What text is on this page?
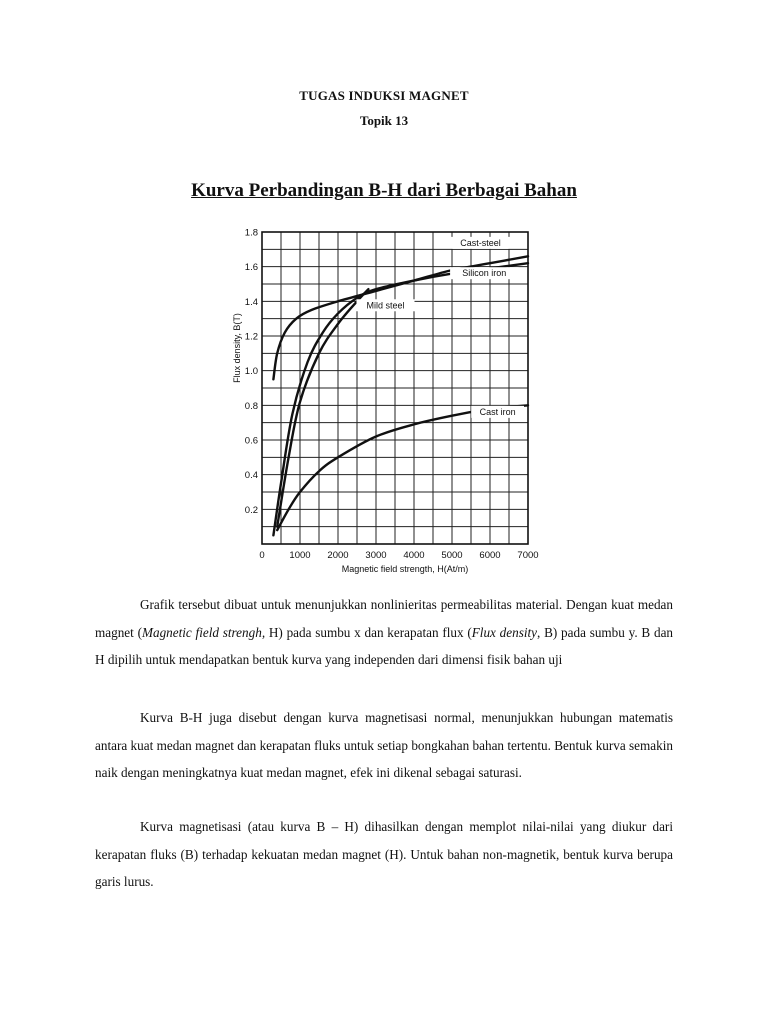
TUGAS INDUKSI MAGNET
Topik 13
Kurva Perbandingan B-H dari Berbagai Bahan
0	1000 2000 3000 4000 5000 6000 7000
0.2
0.4
0.6
0.8
1.0
1.2
1.4
1.6
1.8
Magnetic field strength, H(At/m)
Flux density, B(T)
Cast-steel
Silicon iron
Mild steel
Cast iron

Grafik tersebut dibuat untuk menunjukkan nonlinieritas permeabilitas material. Dengan kuat medan magnet (Magnetic field strengh, H) pada sumbu x dan kerapatan flux (Flux density, B) pada sumbu y. B dan H dipilih untuk mendapatkan bentuk kurva yang independen dari dimensi fisik bahan uji

Kurva B-H juga disebut dengan kurva magnetisasi normal, menunjukkan hubungan matematis antara kuat medan magnet dan kerapatan fluks untuk setiap bongkahan bahan tertentu. Bentuk kurva semakin naik dengan meningkatnya kuat medan magnet, efek ini dikenal sebagai saturasi.

Kurva magnetisasi (atau kurva B – H) dihasilkan dengan memplot nilai-nilai yang diukur dari kerapatan fluks (B) terhadap kekuatan medan magnet (H). Untuk bahan non-magnetik, bentuk kurva berupa garis lurus.
